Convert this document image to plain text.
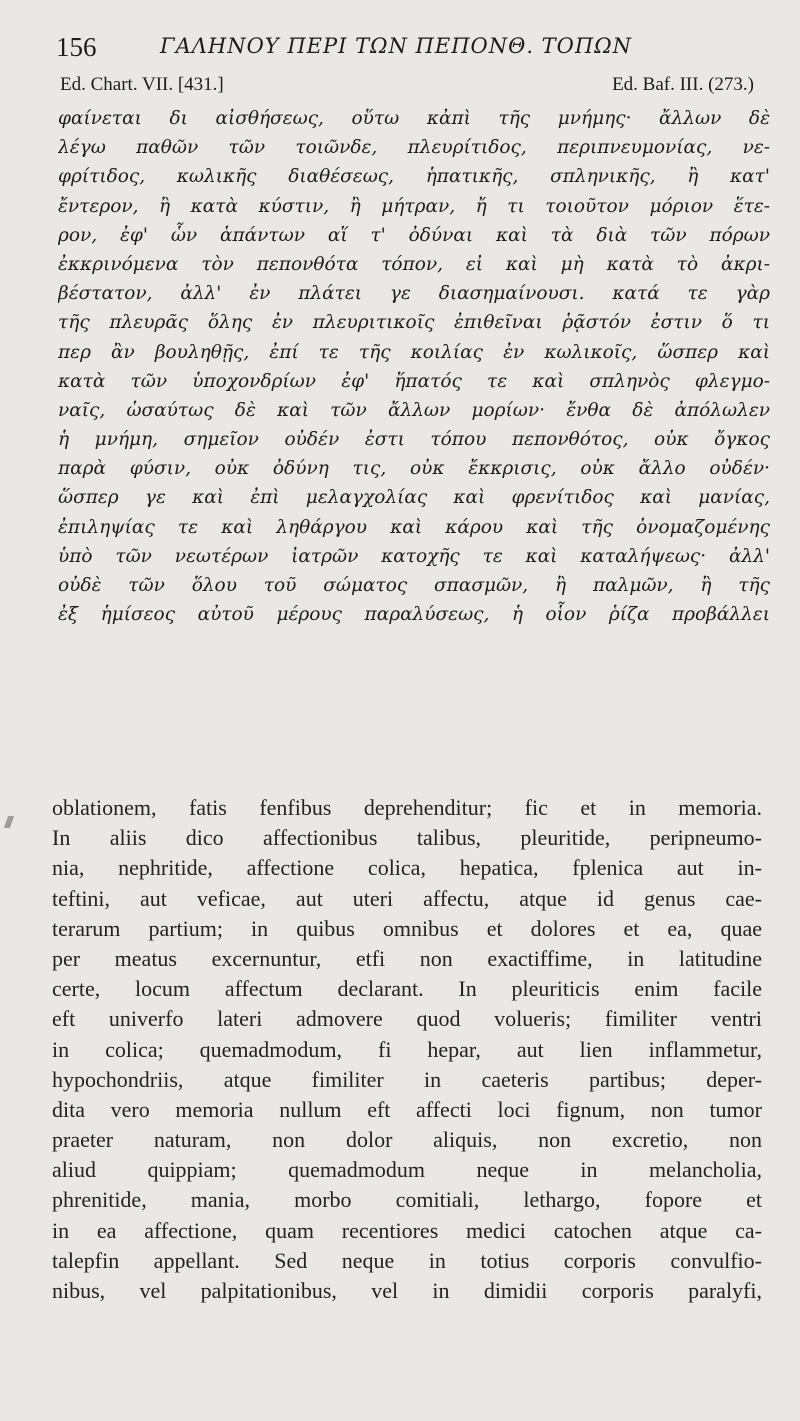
156	ΓΑΛΗΝΟΥ ΠΕΡΙ ΤΩΝ ΠΕΠΟΝΘ. ΤΟΠΩΝ
Ed. Chart. VII. [431.]	Ed. Baf. III. (273.)
φαίνεται δι αἰσθήσεως, οὕτω κἀπὶ τῆς μνήμης· ἄλλων δὲ
λέγω παθῶν τῶν τοιῶνδε, πλευρίτιδος, περιπνευμονίας, νε-
φρίτιδος, κωλικῆς διαθέσεως, ἡπατικῆς, σπληνικῆς, ἢ κατ'
ἔντερον, ἢ κατὰ κύστιν, ἢ μήτραν, ἤ τι τοιοῦτον μόριον ἕτε-
ρον, ἐφ' ὧν ἁπάντων αἵ τ' ὀδύναι καὶ τὰ διὰ τῶν πόρων
ἐκκρινόμενα τὸν πεπονθότα τόπον, εἰ καὶ μὴ κατὰ τὸ ἀκρι-
βέστατον, ἀλλ' ἐν πλάτει γε διασημαίνουσι. κατά τε γὰρ
τῆς πλευρᾶς ὅλης ἐν πλευριτικοῖς ἐπιθεῖναι ῥᾷστόν ἐστιν ὅ τι
περ ἂν βουληθῇς, ἐπί τε τῆς κοιλίας ἐν κωλικοῖς, ὥσπερ καὶ
κατὰ τῶν ὑποχονδρίων ἐφ' ἥπατός τε καὶ σπληνὸς φλεγμο-
ναῖς, ὡσαύτως δὲ καὶ τῶν ἄλλων μορίων· ἔνθα δὲ ἀπόλωλεν
ἡ μνήμη, σημεῖον οὐδέν ἐστι τόπου πεπονθότος, οὐκ ὄγκος
παρὰ φύσιν, οὐκ ὀδύνη τις, οὐκ ἔκκρισις, οὐκ ἄλλο οὐδέν·
ὥσπερ γε καὶ ἐπὶ μελαγχολίας καὶ φρενίτιδος καὶ μανίας,
ἐπιληψίας τε καὶ ληθάργου καὶ κάρου καὶ τῆς ὀνομαζομένης
ὑπὸ τῶν νεωτέρων ἰατρῶν κατοχῆς τε καὶ καταλήψεως· ἀλλ'
οὐδὲ τῶν ὅλου τοῦ σώματος σπασμῶν, ἢ παλμῶν, ἢ τῆς
ἐξ ἡμίσεος αὐτοῦ μέρους παραλύσεως, ἡ οἷον ῥίζα προβάλλει
oblationem, fatis fenfibus deprehenditur; fic et in memoria.
In aliis dico affectionibus talibus, pleuritide, peripneumo-
nia, nephritide, affectione colica, hepatica, fplenica aut in-
teftini, aut veficae, aut uteri affectu, atque id genus cae-
terarum partium; in quibus omnibus et dolores et ea, quae
per meatus excernuntur, etfi non exactiffime, in latitudine
certe, locum affectum declarant. In pleuriticis enim facile
eft univerfo lateri admovere quod volueris; fimiliter ventri
in colica; quemadmodum, fi hepar, aut lien inflammetur,
hypochondriis, atque fimiliter in caeteris partibus; deper-
dita vero memoria nullum eft affecti loci fignum, non tumor
praeter naturam, non dolor aliquis, non excretio, non
aliud quippiam; quemadmodum neque in melancholia,
phrenitide, mania, morbo comitiali, lethargo, fopore et
in ea affectione, quam recentiores medici catochen atque ca-
talepfin appellant. Sed neque in totius corporis convulfio-
nibus, vel palpitationibus, vel in dimidii corporis paralyfi,
